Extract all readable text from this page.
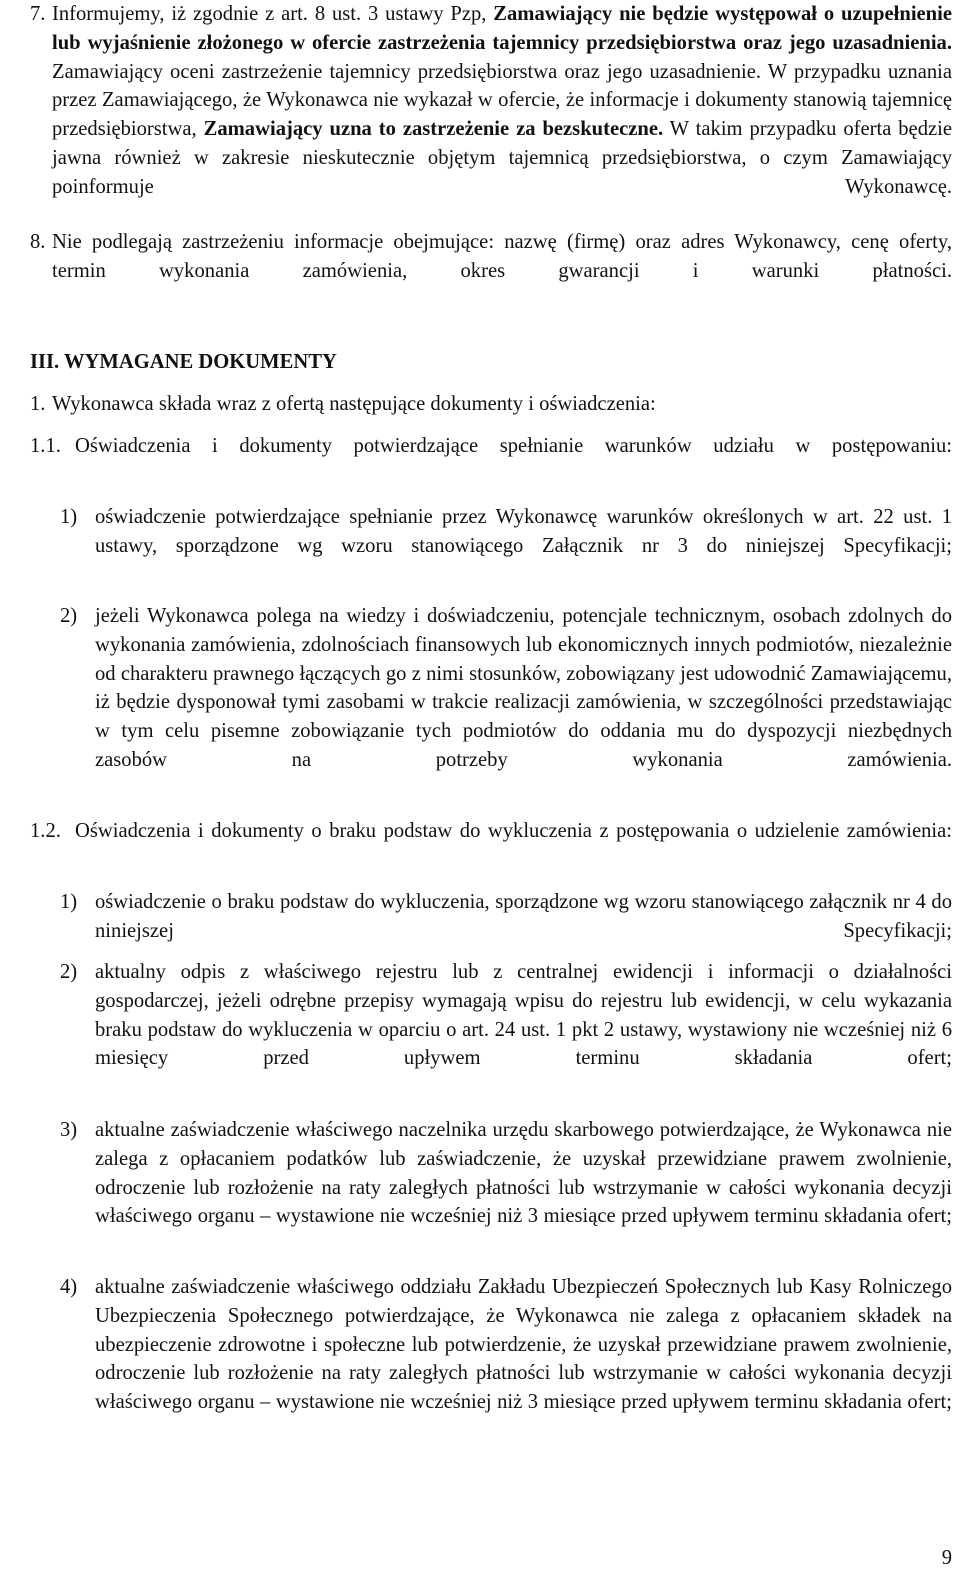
7. Informujemy, iż zgodnie z art. 8 ust. 3 ustawy Pzp, Zamawiający nie będzie występował o uzupełnienie lub wyjaśnienie złożonego w ofercie zastrzeżenia tajemnicy przedsiębiorstwa oraz jego uzasadnienia. Zamawiający oceni zastrzeżenie tajemnicy przedsiębiorstwa oraz jego uzasadnienie. W przypadku uznania przez Zamawiającego, że Wykonawca nie wykazał w ofercie, że informacje i dokumenty stanowią tajemnicę przedsiębiorstwa, Zamawiający uzna to zastrzeżenie za bezskuteczne. W takim przypadku oferta będzie jawna również w zakresie nieskutecznie objętym tajemnicą przedsiębiorstwa, o czym Zamawiający poinformuje Wykonawcę.

8. Nie podlegają zastrzeżeniu informacje obejmujące: nazwę (firmę) oraz adres Wykonawcy, cenę oferty, termin wykonania zamówienia, okres gwarancji i warunki płatności.

III. WYMAGANE DOKUMENTY

1. Wykonawca składa wraz z ofertą następujące dokumenty i oświadczenia:

1.1. Oświadczenia i dokumenty potwierdzające spełnianie warunków udziału w postępowaniu:
1) oświadczenie potwierdzające spełnianie przez Wykonawcę warunków określonych w art. 22 ust. 1 ustawy, sporządzone wg wzoru stanowiącego Załącznik nr 3 do niniejszej Specyfikacji;
2) jeżeli Wykonawca polega na wiedzy i doświadczeniu, potencjale technicznym, osobach zdolnych do wykonania zamówienia, zdolnościach finansowych lub ekonomicznych innych podmiotów, niezależnie od charakteru prawnego łączących go z nimi stosunków, zobowiązany jest udowodnić Zamawiającemu, iż będzie dysponował tymi zasobami w trakcie realizacji zamówienia, w szczególności przedstawiając w tym celu pisemne zobowiązanie tych podmiotów do oddania mu do dyspozycji niezbędnych zasobów na potrzeby wykonania zamówienia.
1.2. Oświadczenia i dokumenty o braku podstaw do wykluczenia z postępowania o udzielenie zamówienia:
1) oświadczenie o braku podstaw do wykluczenia, sporządzone wg wzoru stanowiącego załącznik nr 4 do niniejszej Specyfikacji;
2) aktualny odpis z właściwego rejestru lub z centralnej ewidencji i informacji o działalności gospodarczej, jeżeli odrębne przepisy wymagają wpisu do rejestru lub ewidencji, w celu wykazania braku podstaw do wykluczenia w oparciu o art. 24 ust. 1 pkt 2 ustawy, wystawiony nie wcześniej niż 6 miesięcy przed upływem terminu składania ofert;
3) aktualne zaświadczenie właściwego naczelnika urzędu skarbowego potwierdzające, że Wykonawca nie zalega z opłacaniem podatków lub zaświadczenie, że uzyskał przewidziane prawem zwolnienie, odroczenie lub rozłożenie na raty zaległych płatności lub wstrzymanie w całości wykonania decyzji właściwego organu – wystawione nie wcześniej niż 3 miesiące przed upływem terminu składania ofert;
4) aktualne zaświadczenie właściwego oddziału Zakładu Ubezpieczeń Społecznych lub Kasy Rolniczego Ubezpieczenia Społecznego potwierdzające, że Wykonawca nie zalega z opłacaniem składek na ubezpieczenie zdrowotne i społeczne lub potwierdzenie, że uzyskał przewidziane prawem zwolnienie, odroczenie lub rozłożenie na raty zaległych płatności lub wstrzymanie w całości wykonania decyzji właściwego organu – wystawione nie wcześniej niż 3 miesiące przed upływem terminu składania ofert;
9
